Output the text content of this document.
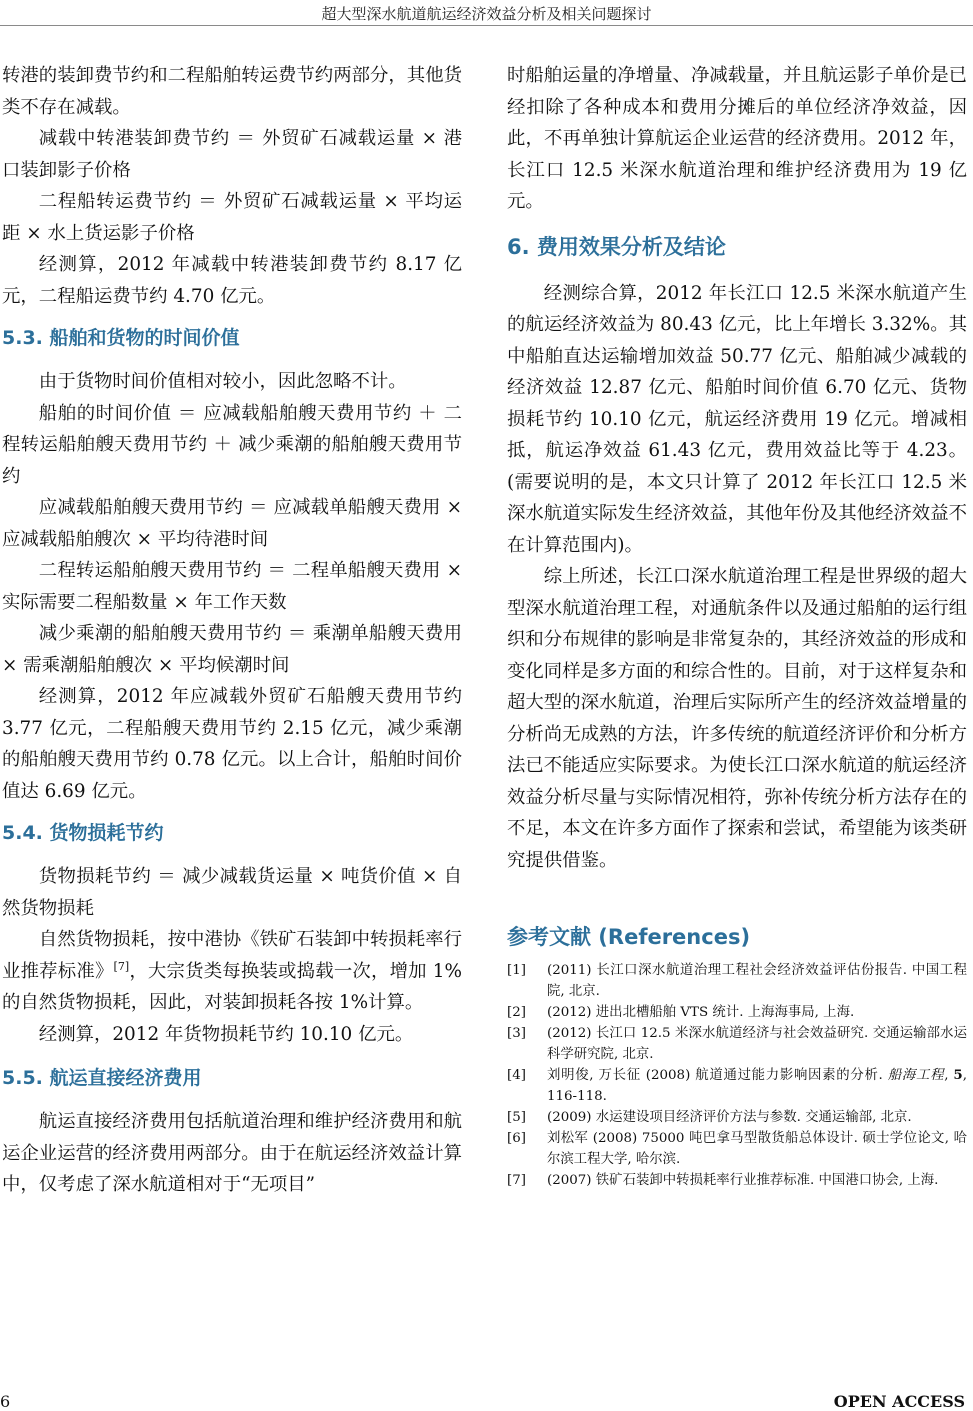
超大型深水航道航运经济效益分析及相关问题探讨

转港的装卸费节约和二程船舶转运费节约两部分，其他货类不存在减载。

减载中转港装卸费节约 ＝ 外贸矿石减载运量 × 港口装卸影子价格

二程船转运费节约 ＝ 外贸矿石减载运量 × 平均运距 × 水上货运影子价格

经测算，2012 年减载中转港装卸费节约 8.17 亿元，二程船运费节约 4.70 亿元。

5.3. 船舶和货物的时间价值

由于货物时间价值相对较小，因此忽略不计。

船舶的时间价值 ＝ 应减载船舶艘天费用节约 ＋ 二程转运船舶艘天费用节约 ＋ 减少乘潮的船舶艘天费用节约

应减载船舶艘天费用节约 ＝ 应减载单船艘天费用 × 应减载船舶艘次 × 平均待港时间

二程转运船舶艘天费用节约 ＝ 二程单船艘天费用 × 实际需要二程船数量 × 年工作天数

减少乘潮的船舶艘天费用节约 ＝ 乘潮单船艘天费用 × 需乘潮船舶艘次 × 平均候潮时间

经测算，2012 年应减载外贸矿石船艘天费用节约 3.77 亿元，二程船艘天费用节约 2.15 亿元，减少乘潮的船舶艘天费用节约 0.78 亿元。以上合计，船舶时间价值达 6.69 亿元。

5.4. 货物损耗节约

货物损耗节约 ＝ 减少减载货运量 × 吨货价值 × 自然货物损耗

自然货物损耗，按中港协《铁矿石装卸中转损耗率行业推荐标准》[7]，大宗货类每换装或捣载一次，增加 1%的自然货物损耗，因此，对装卸损耗各按 1%计算。

经测算，2012 年货物损耗节约 10.10 亿元。

5.5. 航运直接经济费用

航运直接经济费用包括航道治理和维护经济费用和航运企业运营的经济费用两部分。由于在航运经济效益计算中，仅考虑了深水航道相对于“无项目”

时船舶运量的净增量、净减载量，并且航运影子单价是已经扣除了各种成本和费用分摊后的单位经济净效益，因此，不再单独计算航运企业运营的经济费用。2012 年，长江口 12.5 米深水航道治理和维护经济费用为 19 亿元。

6. 费用效果分析及结论

经测综合算，2012 年长江口 12.5 米深水航道产生的航运经济效益为 80.43 亿元，比上年增长 3.32%。其中船舶直达运输增加效益 50.77 亿元、船舶减少减载的经济效益 12.87 亿元、船舶时间价值 6.70 亿元、货物损耗节约 10.10 亿元，航运经济费用 19 亿元。增减相抵，航运净效益 61.43 亿元，费用效益比等于 4.23。(需要说明的是，本文只计算了 2012 年长江口 12.5 米深水航道实际发生经济效益，其他年份及其他经济效益不在计算范围内)。

综上所述，长江口深水航道治理工程是世界级的超大型深水航道治理工程，对通航条件以及通过船舶的运行组织和分布规律的影响是非常复杂的，其经济效益的形成和变化同样是多方面的和综合性的。目前，对于这样复杂和超大型的深水航道，治理后实际所产生的经济效益增量的分析尚无成熟的方法，许多传统的航道经济评价和分析方法已不能适应实际要求。为使长江口深水航道的航运经济效益分析尽量与实际情况相符，弥补传统分析方法存在的不足，本文在许多方面作了探索和尝试，希望能为该类研究提供借鉴。

参考文献 (References)
[1]	(2011) 长江口深水航道治理工程社会经济效益评估份报告. 中国工程院, 北京.
[2]	(2012) 进出北槽船舶 VTS 统计. 上海海事局, 上海.
[3]	(2012) 长江口 12.5 米深水航道经济与社会效益研究. 交通运输部水运科学研究院, 北京.
[4]	刘明俊, 万长征 (2008) 航道通过能力影响因素的分析. 船海工程, 5, 116-118.
[5]	(2009) 水运建设项目经济评价方法与参数. 交通运输部, 北京.
[6]	刘松军 (2008) 75000 吨巴拿马型散货船总体设计. 硕士学位论文, 哈尔滨工程大学, 哈尔滨.
[7]	(2007) 铁矿石装卸中转损耗率行业推荐标准. 中国港口协会, 上海.
6	OPEN ACCESS
